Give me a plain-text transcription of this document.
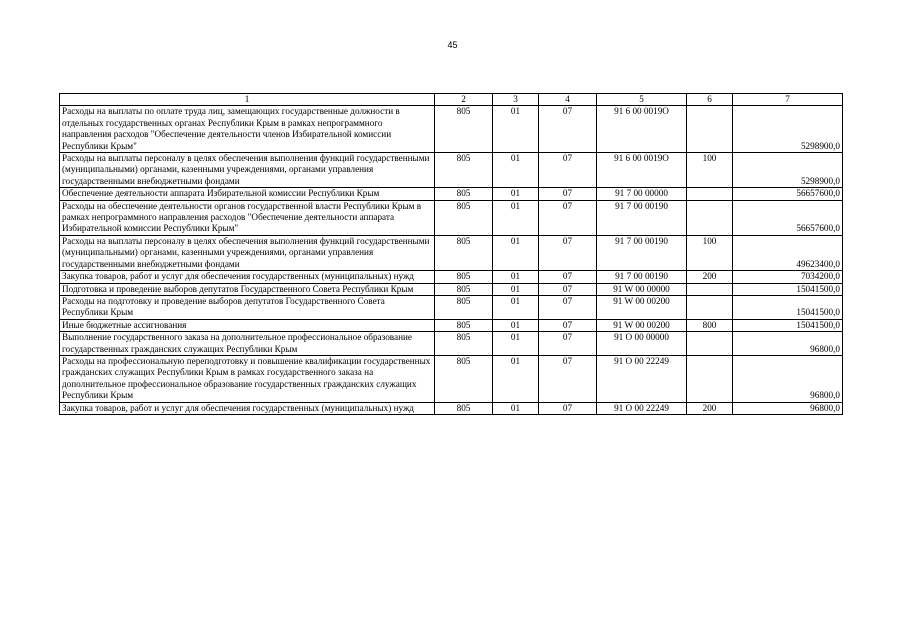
45
1	2	3	4	5	6	7
Расходы на выплаты по оплате труда лиц, замещающих государственные должности в отдельных государственных органах Республики Крым в рамках непрограммного направления расходов "Обеспечение деятельности членов Избирательной комиссии Республики Крым"	805	01	07	91 6 00 0019О		5298900,0
Расходы на выплаты персоналу в целях обеспечения выполнения функций государственными (муниципальными) органами, казенными учреждениями, органами управления государственными внебюджетными фондами	805	01	07	91 6 00 0019О	100	5298900,0
Обеспечение деятельности аппарата Избирательной комиссии Республики Крым	805	01	07	91 7 00 00000		56657600,0
Расходы на обеспечение деятельности органов государственной власти Республики Крым в рамках непрограммного направления расходов "Обеспечение деятельности аппарата Избирательной комиссии Республики Крым"	805	01	07	91 7 00 00190		56657600,0
Расходы на выплаты персоналу в целях обеспечения выполнения функций государственными (муниципальными) органами, казенными учреждениями, органами управления государственными внебюджетными фондами	805	01	07	91 7 00 00190	100	49623400,0
Закупка товаров, работ и услуг для обеспечения государственных (муниципальных) нужд	805	01	07	91 7 00 00190	200	7034200,0
Подготовка и проведение выборов депутатов Государственного Совета Республики Крым	805	01	07	91 W 00 00000		15041500,0
Расходы на подготовку и проведение выборов депутатов Государственного Совета Республики Крым	805	01	07	91 W 00 00200		15041500,0
Иные бюджетные ассигнования	805	01	07	91 W 00 00200	800	15041500,0
Выполнение государственного заказа на дополнительное профессиональное образование государственных гражданских служащих Республики Крым	805	01	07	91 О 00 00000		96800,0
Расходы на профессиональную переподготовку и повышение квалификации государственных гражданских служащих Республики Крым в рамках государственного заказа на дополнительное профессиональное образование государственных гражданских служащих Республики Крым	805	01	07	91 О 00 22249		96800,0
Закупка товаров, работ и услуг для обеспечения государственных (муниципальных) нужд	805	01	07	91 О 00 22249	200	96800,0
